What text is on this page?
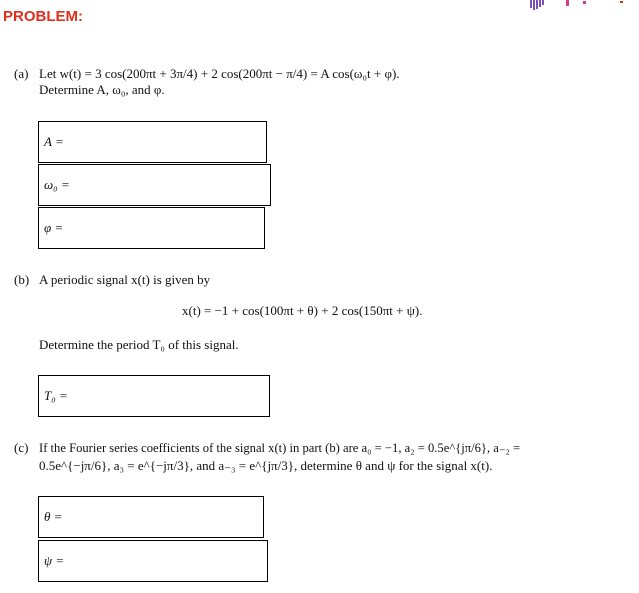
PROBLEM:
(a) Let w(t) = 3 cos(200πt + 3π/4) + 2 cos(200πt − π/4) = A cos(ω₀t + φ).
Determine A, ω₀, and φ.
A =
ω₀ =
φ =
(b) A periodic signal x(t) is given by
x(t) = −1 + cos(100πt + θ) + 2 cos(150πt + ψ).
Determine the period T₀ of this signal.
T₀ =
(c) If the Fourier series coefficients of the signal x(t) in part (b) are a₀ = −1, a₂ = 0.5e^{jπ/6}, a₋₂ =
0.5e^{−jπ/6}, a₃ = e^{−jπ/3}, and a₋₃ = e^{jπ/3}, determine θ and ψ for the signal x(t).
θ =
ψ =
